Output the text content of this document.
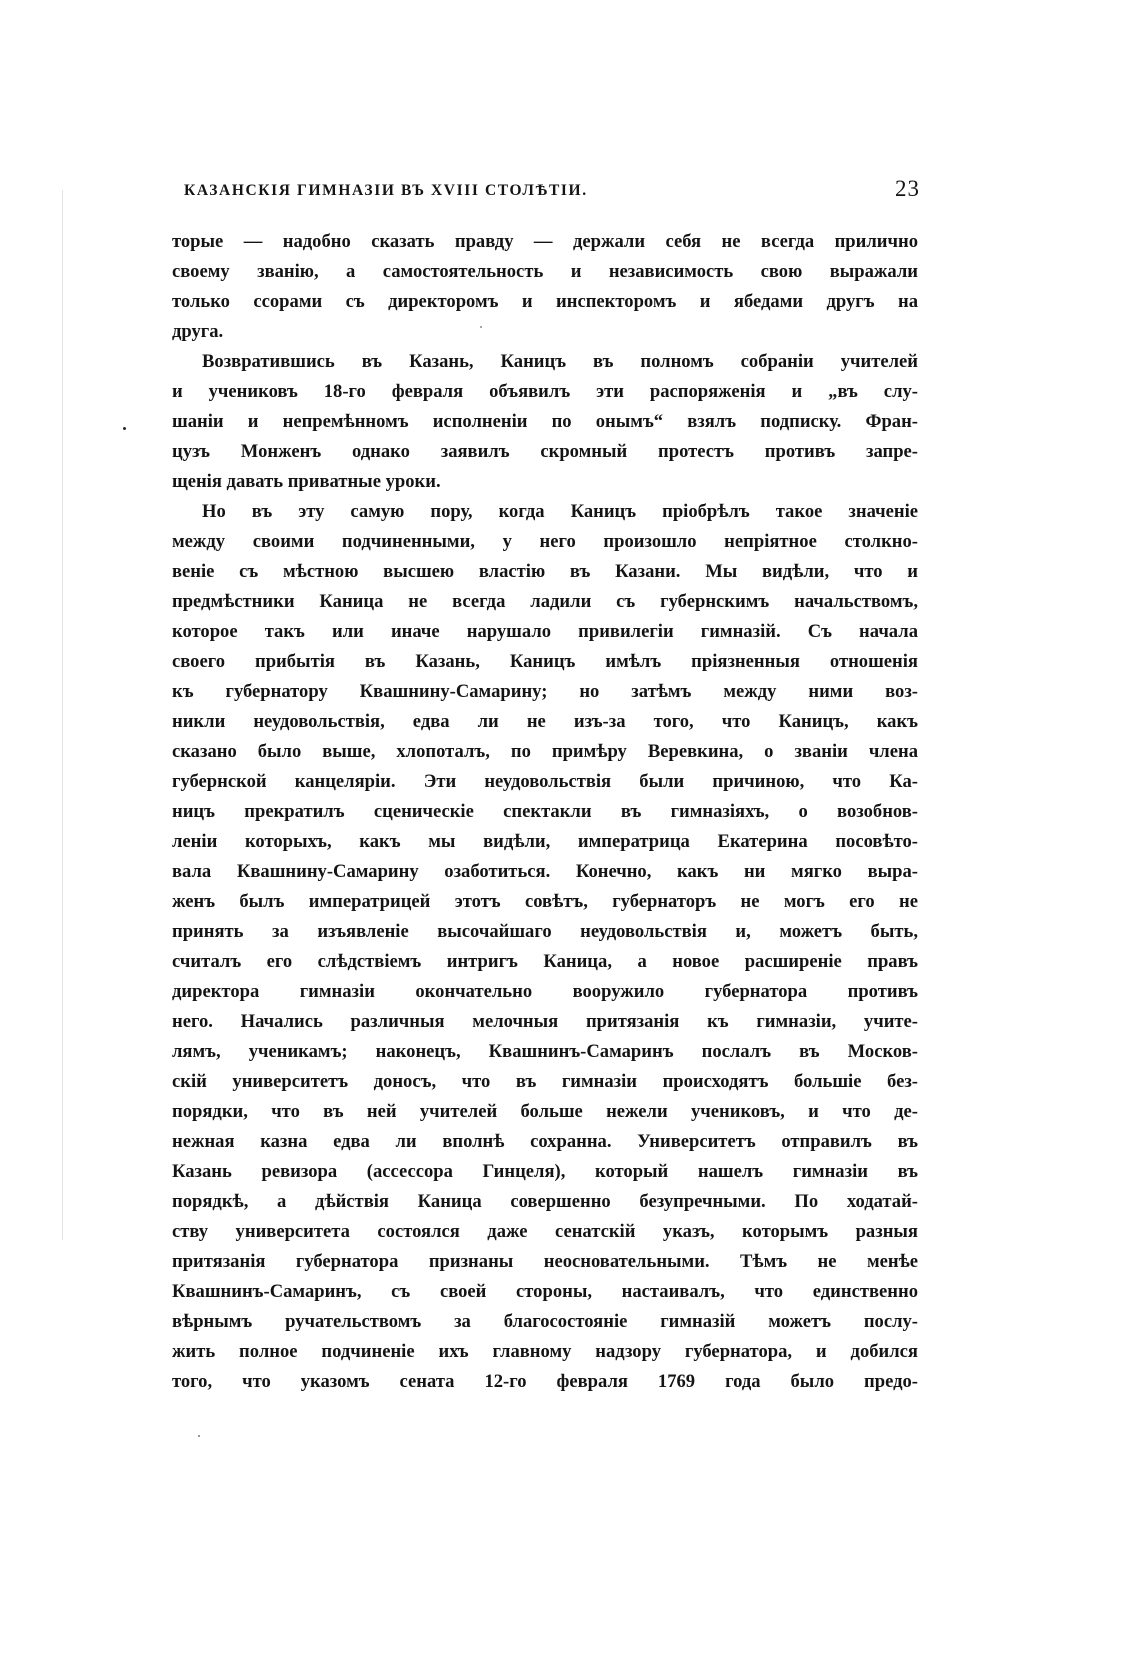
КАЗАНСКІЯ ГИМНАЗІИ ВЪ XVIII СТОЛѢТІИ.	23
торые — надобно сказать правду — держали себя не всегда прилично
своему званію, а самостоятельность и независимость свою выражали
только ссорами съ директоромъ и инспекторомъ и ябедами другъ на
друга.
Возвратившись въ Казань, Каницъ въ полномъ собраніи учителей
и учениковъ 18-го февраля объявилъ эти распоряженія и „въ слу-
шаніи и непремѣнномъ исполненіи по онымъ“ взялъ подписку. Фран-
цузъ Монженъ однако заявилъ скромный протестъ противъ запре-
щенія давать приватные уроки.
Но въ эту самую пору, когда Каницъ пріобрѣлъ такое значеніе
между своими подчиненными, у него произошло непріятное столкно-
веніе съ мѣстною высшею властію въ Казани. Мы видѣли, что и
предмѣстники Каница не всегда ладили съ губернскимъ начальствомъ,
которое такъ или иначе нарушало привилегіи гимназій. Съ начала
своего прибытія въ Казань, Каницъ имѣлъ пріязненныя отношенія
къ губернатору Квашнину-Самарину; но затѣмъ между ними воз-
никли неудовольствія, едва ли не изъ-за того, что Каницъ, какъ
сказано было выше, хлопоталъ, по примѣру Веревкина, о званіи члена
губернской канцеляріи. Эти неудовольствія были причиною, что Ка-
ницъ прекратилъ сценическіе спектакли въ гимназіяхъ, о возобнов-
леніи которыхъ, какъ мы видѣли, императрица Екатерина посовѣто-
вала Квашнину-Самарину озаботиться. Конечно, какъ ни мягко выра-
женъ былъ императрицей этотъ совѣтъ, губернаторъ не могъ его не
принять за изъявленіе высочайшаго неудовольствія и, можетъ быть,
считалъ его слѣдствіемъ интригъ Каница, а новое расширеніе правъ
директора гимназіи окончательно вооружило губернатора противъ
него. Начались различныя мелочныя притязанія къ гимназіи, учите-
лямъ, ученикамъ; наконецъ, Квашнинъ-Самаринъ послалъ въ Москов-
скій университетъ доносъ, что въ гимназіи происходятъ большіе без-
порядки, что въ ней учителей больше нежели учениковъ, и что де-
нежная казна едва ли вполнѣ сохранна. Университетъ отправилъ въ
Казань ревизора (ассессора Гинцеля), который нашелъ гимназіи въ
порядкѣ, а дѣйствія Каница совершенно безупречными. По ходатай-
ству университета состоялся даже сенатскій указъ, которымъ разныя
притязанія губернатора признаны неосновательными. Тѣмъ не менѣе
Квашнинъ-Самаринъ, съ своей стороны, настаивалъ, что единственно
вѣрнымъ ручательствомъ за благосостояніе гимназій можетъ послу-
жить полное подчиненіе ихъ главному надзору губернатора, и добился
того, что указомъ сената 12-го февраля 1769 года было предо-
